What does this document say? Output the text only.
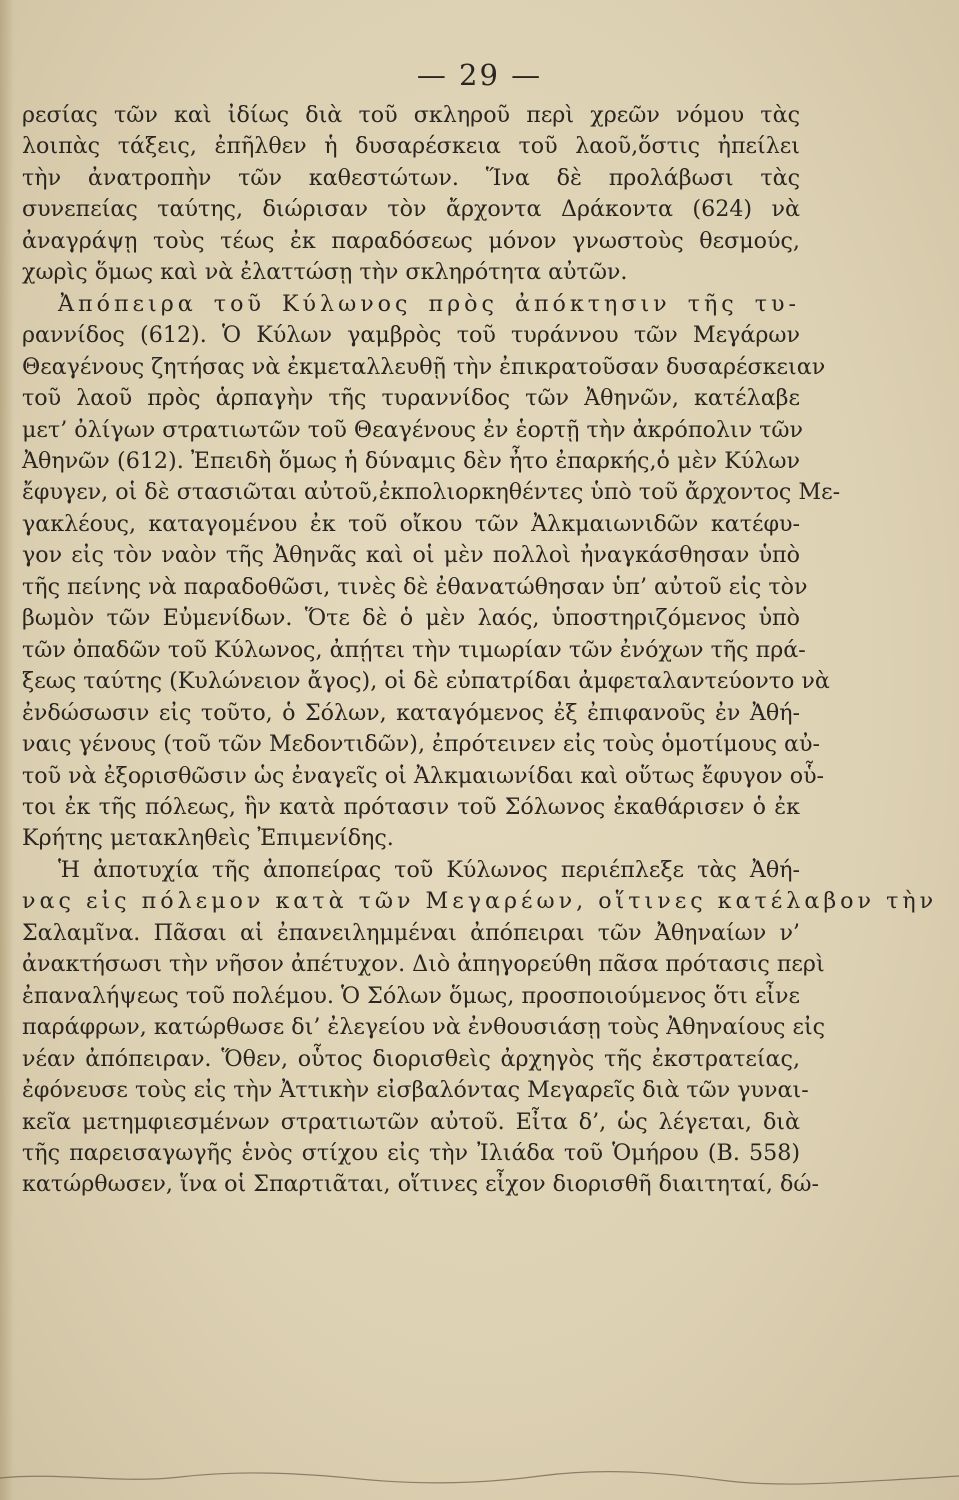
— 29 —
ρεσίας τῶν καὶ ἰδίως διὰ τοῦ σκληροῦ περὶ χρεῶν νόμου τὰς
λοιπὰς τάξεις, ἐπῆλθεν ἡ δυσαρέσκεια τοῦ λαοῦ,ὅστις ἠπείλει
τὴν ἀνατροπὴν τῶν καθεστώτων. Ἵνα δὲ προλάβωσι τὰς
συνεπείας ταύτης, διώρισαν τὸν ἄρχοντα Δράκοντα (624) νὰ
ἀναγράψῃ τοὺς τέως ἐκ παραδόσεως μόνον γνωστοὺς θεσμούς,
χωρὶς ὅμως καὶ νὰ ἐλαττώσῃ τὴν σκληρότητα αὐτῶν.
Ἀπόπειρα τοῦ Κύλωνος πρὸς ἀπόκτησιν τῆς τυ-
ραννίδος (612). Ὁ Κύλων γαμβρὸς τοῦ τυράννου τῶν Μεγάρων
Θεαγένους ζητήσας νὰ ἐκμεταλλευθῇ τὴν ἐπικρατοῦσαν δυσαρέσκειαν
τοῦ λαοῦ πρὸς ἁρπαγὴν τῆς τυραννίδος τῶν Ἀθηνῶν, κατέλαβε
μετ’ ὀλίγων στρατιωτῶν τοῦ Θεαγένους ἐν ἑορτῇ τὴν ἀκρόπολιν τῶν
Ἀθηνῶν (612). Ἐπειδὴ ὅμως ἡ δύναμις δὲν ἦτο ἐπαρκής,ὁ μὲν Κύλων
ἔφυγεν, οἱ δὲ στασιῶται αὐτοῦ,ἐκπολιορκηθέντες ὑπὸ τοῦ ἄρχοντος Με-
γακλέους, καταγομένου ἐκ τοῦ οἴκου τῶν Ἀλκμαιωνιδῶν κατέφυ-
γον εἰς τὸν ναὸν τῆς Ἀθηνᾶς καὶ οἱ μὲν πολλοὶ ἠναγκάσθησαν ὑπὸ
τῆς πείνης νὰ παραδοθῶσι, τινὲς δὲ ἐθανατώθησαν ὑπ’ αὐτοῦ εἰς τὸν
βωμὸν τῶν Εὐμενίδων. Ὅτε δὲ ὁ μὲν λαός, ὑποστηριζόμενος ὑπὸ
τῶν ὀπαδῶν τοῦ Κύλωνος, ἀπῄτει τὴν τιμωρίαν τῶν ἐνόχων τῆς πρά-
ξεως ταύτης (Κυλώνειον ἄγος), οἱ δὲ εὐπατρίδαι ἀμφεταλαντεύοντο νὰ
ἐνδώσωσιν εἰς τοῦτο, ὁ Σόλων, καταγόμενος ἐξ ἐπιφανοῦς ἐν Ἀθή-
ναις γένους (τοῦ τῶν Μεδοντιδῶν), ἐπρότεινεν εἰς τοὺς ὁμοτίμους αὐ-
τοῦ νὰ ἐξορισθῶσιν ὡς ἐναγεῖς οἱ Ἀλκμαιωνίδαι καὶ οὕτως ἔφυγον οὗ-
τοι ἐκ τῆς πόλεως, ἣν κατὰ πρότασιν τοῦ Σόλωνος ἐκαθάρισεν ὁ ἐκ
Κρήτης μετακληθεὶς Ἐπιμενίδης.
Ἡ ἀποτυχία τῆς ἀποπείρας τοῦ Κύλωνος περιέπλεξε τὰς Ἀθή-
νας εἰς πόλεμον κατὰ τῶν Μεγαρέων, οἵτινες κατέλαβον τὴν
Σαλαμῖνα. Πᾶσαι αἱ ἐπανειλημμέναι ἀπόπειραι τῶν Ἀθηναίων ν’
ἀνακτήσωσι τὴν νῆσον ἀπέτυχον. Διὸ ἀπηγορεύθη πᾶσα πρότασις περὶ
ἐπαναλήψεως τοῦ πολέμου. Ὁ Σόλων ὅμως, προσποιούμενος ὅτι εἶνε
παράφρων, κατώρθωσε δι’ ἐλεγείου νὰ ἐνθουσιάσῃ τοὺς Ἀθηναίους εἰς
νέαν ἀπόπειραν. Ὅθεν, οὗτος διορισθεὶς ἀρχηγὸς τῆς ἐκστρατείας,
ἐφόνευσε τοὺς εἰς τὴν Ἀττικὴν εἰσβαλόντας Μεγαρεῖς διὰ τῶν γυναι-
κεῖα μετημφιεσμένων στρατιωτῶν αὐτοῦ. Εἶτα δ’, ὡς λέγεται, διὰ
τῆς παρεισαγωγῆς ἑνὸς στίχου εἰς τὴν Ἰλιάδα τοῦ Ὁμήρου (Β. 558)
κατώρθωσεν, ἵνα οἱ Σπαρτιᾶται, οἵτινες εἶχον διορισθῆ διαιτηταί, δώ-
